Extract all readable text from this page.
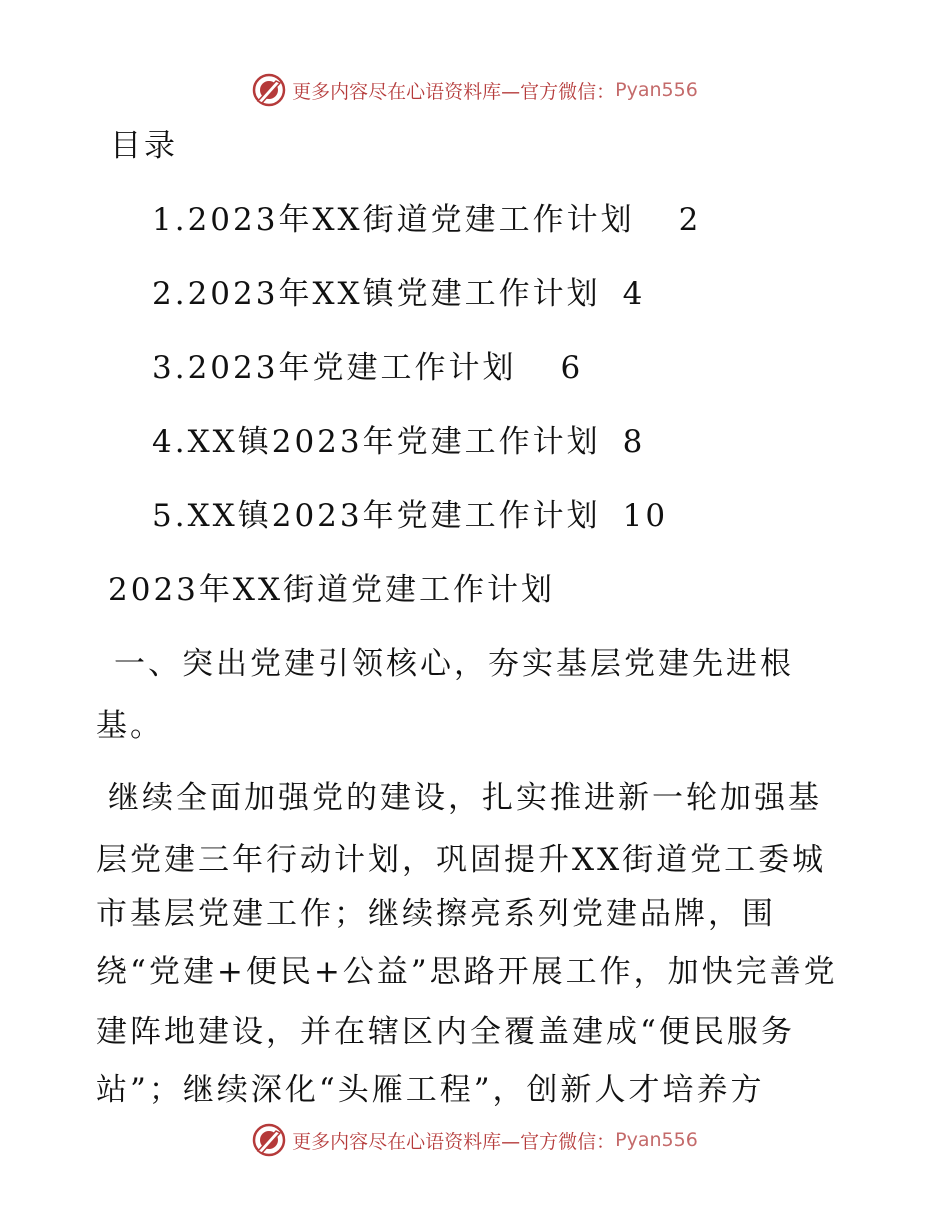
更多内容尽在心语资料库—官方微信： Pyan556
目录
1.2023年XX街道党建工作计划 2
2.2023年XX镇党建工作计划 4
3.2023年党建工作计划 6
4.XX镇2023年党建工作计划 8
5.XX镇2023年党建工作计划 10
2023年XX街道党建工作计划
一、突出党建引领核心，夯实基层党建先进根
基。
继续全面加强党的建设，扎实推进新一轮加强基
层党建三年行动计划，巩固提升XX街道党工委城
市基层党建工作；继续擦亮系列党建品牌，围
绕“党建+便民+公益”思路开展工作，加快完善党
建阵地建设，并在辖区内全覆盖建成“便民服务
站”；继续深化“头雁工程”，创新人才培养方
更多内容尽在心语资料库—官方微信： Pyan556
